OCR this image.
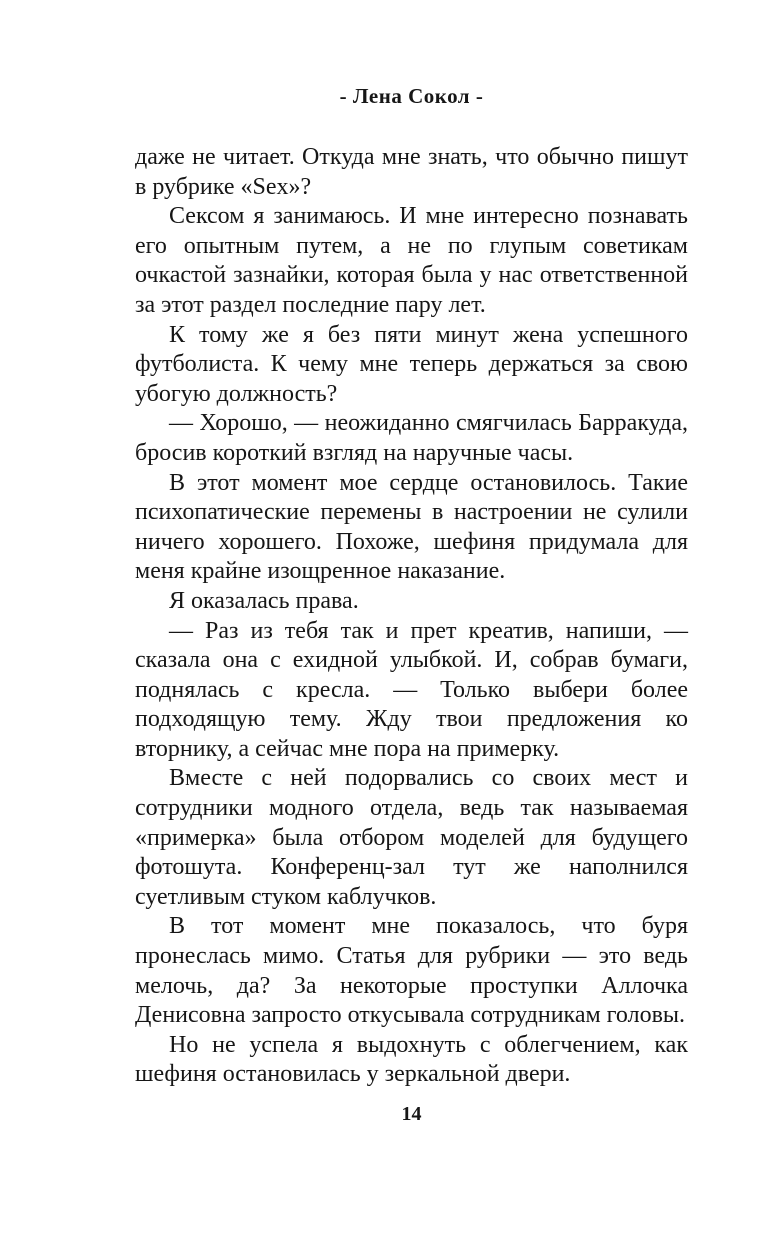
- Лена Сокол -

даже не читает. Откуда мне знать, что обычно пишут в рубрике «Sex»?

Сексом я занимаюсь. И мне интересно познавать его опытным путем, а не по глупым советикам очкастой зазнайки, которая была у нас ответственной за этот раздел последние пару лет.

К тому же я без пяти минут жена успешного футболиста. К чему мне теперь держаться за свою убогую должность?

— Хорошо, — неожиданно смягчилась Барракуда, бросив короткий взгляд на наручные часы.

В этот момент мое сердце остановилось. Такие психопатические перемены в настроении не сулили ничего хорошего. Похоже, шефиня придумала для меня крайне изощренное наказание.

Я оказалась права.

— Раз из тебя так и прет креатив, напиши, — сказала она с ехидной улыбкой. И, собрав бумаги, поднялась с кресла. — Только выбери более подходящую тему. Жду твои предложения ко вторнику, а сейчас мне пора на примерку.

Вместе с ней подорвались со своих мест и сотрудники модного отдела, ведь так называемая «примерка» была отбором моделей для будущего фотошута. Конференц-зал тут же наполнился суетливым стуком каблучков.

В тот момент мне показалось, что буря пронеслась мимо. Статья для рубрики — это ведь мелочь, да? За некоторые проступки Аллочка Денисовна запросто откусывала сотрудникам головы.

Но не успела я выдохнуть с облегчением, как шефиня остановилась у зеркальной двери.

14
